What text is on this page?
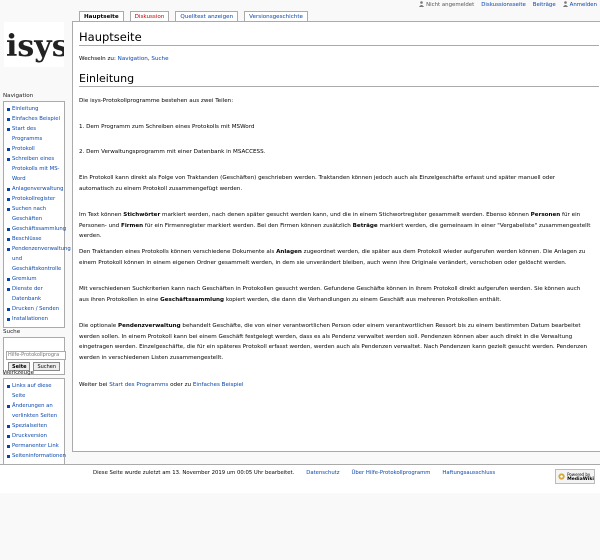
Nicht angemeldet Diskussionsseite Beiträge	Anmelden
isys
Hauptseite	Diskussion	Quelltext anzeigen	Versionsgeschichte
Hauptseite
Wechseln zu: Navigation, Suche
Einleitung

Die isys-Protokollprogramme bestehen aus zwei Teilen:

1. Dem Programm zum Schreiben eines Protokolls mit MSWord

2. Dem Verwaltungsprogramm mit einer Datenbank in MSACCESS.

Ein Protokoll kann direkt als Folge von Traktanden (Geschäften) geschrieben werden. Traktanden können jedoch auch als Einzelgeschäfte erfasst und später manuell oder automatisch zu einem Protokoll zusammengefügt werden.

Im Text können Stichwörter markiert werden, nach denen später gesucht werden kann, und die in einem Stichwortregister gesammelt werden. Ebenso können Personen für ein Personen- und Firmen für ein Firmenregister markiert werden. Bei den Firmen können zusätzlich Beträge markiert werden, die gemeinsam in einer "Vergabeliste" zusammengestellt werden.

Den Traktanden eines Protokolls können verschiedene Dokumente als Anlagen zugeordnet werden, die später aus dem Protokoll wieder aufgerufen werden können. Die Anlagen zu einem Protokoll können in einem eigenen Ordner gesammelt werden, in dem sie unverändert bleiben, auch wenn ihre Originale verändert, verschoben oder gelöscht werden.

Mit verschiedenen Suchkriterien kann nach Geschäften in Protokollen gesucht werden. Gefundene Geschäfte können in ihrem Protokoll direkt aufgerufen werden. Sie können auch aus ihren Protokollen in eine Geschäftssammlung kopiert werden, die dann die Verhandlungen zu einem Geschäft aus mehreren Protokollen enthält.

Die optionale Pendenzverwaltung behandelt Geschäfte, die von einer verantwortlichen Person oder einem verantwortlichen Ressort bis zu einem bestimmten Datum bearbeitet werden sollen. In einem Protokoll kann bei einem Geschäft festgelegt werden, dass es als Pendenz verwaltet werden soll. Pendenzen können aber auch direkt in die Verwaltung eingetragen werden. Einzelgeschäfte, die für ein späteres Protokoll erfasst werden, werden auch als Pendenzen verwaltet. Nach Pendenzen kann gezielt gesucht werden. Pendenzen werden in verschiedenen Listen zusammengestellt.

Weiter bei Start des Programms oder zu Einfaches Beispiel

Navigation
Einleitung
Einfaches Beispiel
Start des Programms
Protokoll
Schreiben eines
Protokolls mit MS-
Word
Anlagenverwaltung
Protokollregister
Suchen nach
Geschäften
Geschäftssammlung
Beschlüsse
Pendenzenverwaltung
und
Geschäftskontrolle
Gremium
Dienste der
Datenbank
Drucken / Senden
Installationen
Suche
Hilfe-Protokollprogra
Seite	Suchen
Werkzeuge
Links auf diese Seite
Änderungen an
verlinkten Seiten
Spezialseiten
Druckversion
Permanenter Link
Seiteninformationen
Diese Seite wurde zuletzt am 13. November 2019 um 00:05 Uhr bearbeitet. Datenschutz Über Hilfe-Protokollprogramm Haftungsausschluss	Powered by
MediaWiki
